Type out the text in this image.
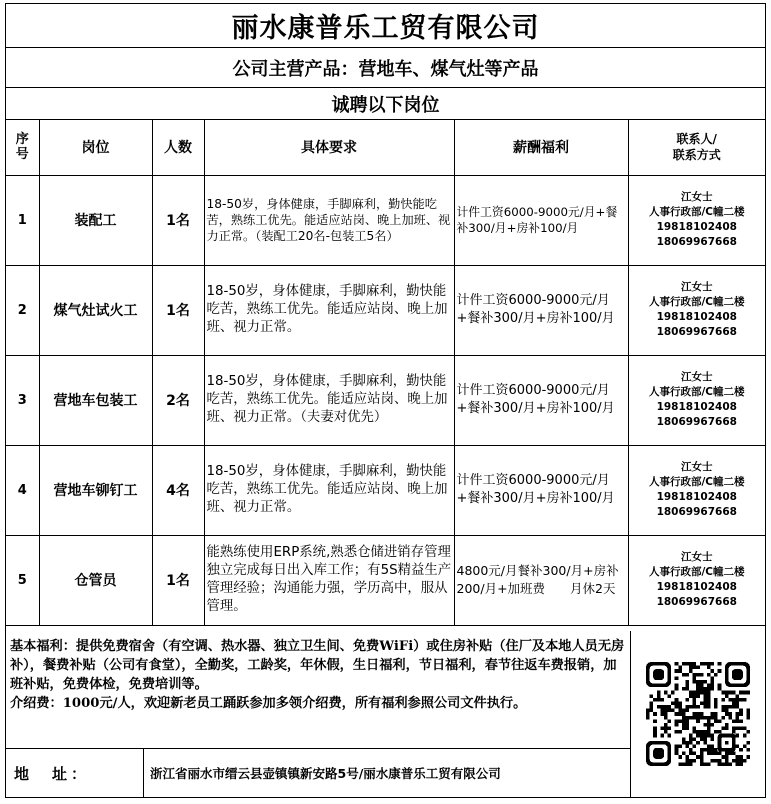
丽水康普乐工贸有限公司
公司主营产品：营地车、煤气灶等产品
诚聘以下岗位
序号	岗位	人数	具体要求	薪酬福利	联系人/
联系方式

1	装配工	1名	18-50岁，身体健康，手脚麻利，勤快能吃苦，熟练工优先。能适应站岗、晚上加班、视力正常。（装配工20名-包装工5名）	计件工资6000-9000元/月+餐补300/月+房补100/月	江女士
人事行政部/C幢二楼
19818102408
18069967668

2	煤气灶试火工	1名	18-50岁，身体健康，手脚麻利，勤快能吃苦，熟练工优先。能适应站岗、晚上加班、视力正常。	计件工资6000-9000元/月+餐补300/月+房补100/月	江女士
人事行政部/C幢二楼
19818102408
18069967668

3	营地车包装工	2名	18-50岁，身体健康，手脚麻利，勤快能吃苦，熟练工优先。能适应站岗、晚上加班、视力正常。（夫妻对优先）	计件工资6000-9000元/月+餐补300/月+房补100/月	江女士
人事行政部/C幢二楼
19818102408
18069967668

4	营地车铆钉工	4名	18-50岁，身体健康，手脚麻利，勤快能吃苦，熟练工优先。能适应站岗、晚上加班、视力正常。	计件工资6000-9000元/月+餐补300/月+房补100/月	江女士
人事行政部/C幢二楼
19818102408
18069967668

5	仓管员	1名	能熟练使用ERP系统,熟悉仓储进销存管理独立完成每日出入库工作；有5S精益生产管理经验；沟通能力强，学历高中，服从管理。	4800元/月餐补300/月+房补200/月+加班费　　月休2天	江女士
人事行政部/C幢二楼
19818102408
18069967668
基本福利：提供免费宿舍（有空调、热水器、独立卫生间、免费WiFi）或住房补贴（住厂及本地人员无房补），餐费补贴（公司有食堂），全勤奖，工龄奖，年休假，生日福利，节日福利，春节往返车费报销，加班补贴，免费体检，免费培训等。
介绍费：1000元/人，欢迎新老员工踊跃参加多领介绍费，所有福利参照公司文件执行。
地　址：	浙江省丽水市缙云县壶镇镇新安路5号/丽水康普乐工贸有限公司
